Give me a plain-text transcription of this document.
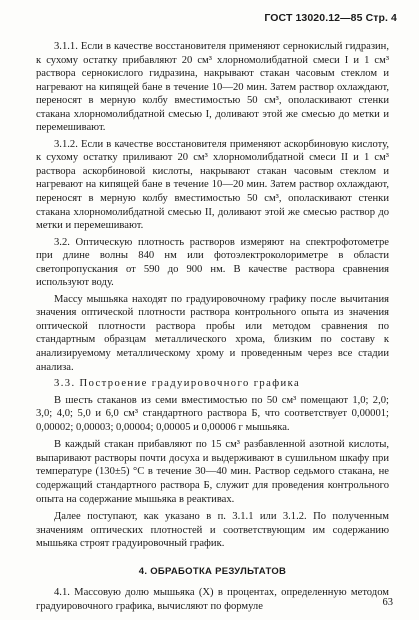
ГОСТ 13020.12—85 Стр. 4

3.1.1. Если в качестве восстановителя применяют сернокислый гидразин, к сухому остатку прибавляют 20 см³ хлорномолибдатной смеси I и 1 см³ раствора сернокислого гидразина, накрывают стакан часовым стеклом и нагревают на кипящей бане в течение 10—20 мин. Затем раствор охлаждают, переносят в мерную колбу вместимостью 50 см³, ополаскивают стенки стакана хлорномолибдатной смесью I, доливают этой же смесью до метки и перемешивают.

3.1.2. Если в качестве восстановителя применяют аскорбиновую кислоту, к сухому остатку приливают 20 см³ хлорномолибдатной смеси II и 1 см³ раствора аскорбиновой кислоты, накрывают стакан часовым стеклом и нагревают на кипящей бане в течение 10—20 мин. Затем раствор охлаждают, переносят в мерную колбу вместимостью 50 см³, ополаскивают стенки стакана хлорномолибдатной смесью II, доливают этой же смесью раствор до метки и перемешивают.

3.2. Оптическую плотность растворов измеряют на спектрофотометре при длине волны 840 нм или фотоэлектроколориметре в области светопропускания от 590 до 900 нм. В качестве раствора сравнения используют воду.

Массу мышьяка находят по градуировочному графику после вычитания значения оптической плотности раствора контрольного опыта из значения оптической плотности раствора пробы или методом сравнения по стандартным образцам металлического хрома, близким по составу к анализируемому металлическому хрому и проведенным через все стадии анализа.

3.3. Построение градуировочного графика

В шесть стаканов из семи вместимостью по 50 см³ помещают 1,0; 2,0; 3,0; 4,0; 5,0 и 6,0 см³ стандартного раствора Б, что соответствует 0,00001; 0,00002; 0,00003; 0,00004; 0,00005 и 0,00006 г мышьяка.

В каждый стакан прибавляют по 15 см³ разбавленной азотной кислоты, выпаривают растворы почти досуха и выдерживают в сушильном шкафу при температуре (130±5) °С в течение 30—40 мин. Раствор седьмого стакана, не содержащий стандартного раствора Б, служит для проведения контрольного опыта на содержание мышьяка в реактивах.

Далее поступают, как указано в п. 3.1.1 или 3.1.2. По полученным значениям оптических плотностей и соответствующим им содержанию мышьяка строят градуировочный график.

4. ОБРАБОТКА РЕЗУЛЬТАТОВ

4.1. Массовую долю мышьяка (X) в процентах, определенную методом градуировочного графика, вычисляют по формуле	63
